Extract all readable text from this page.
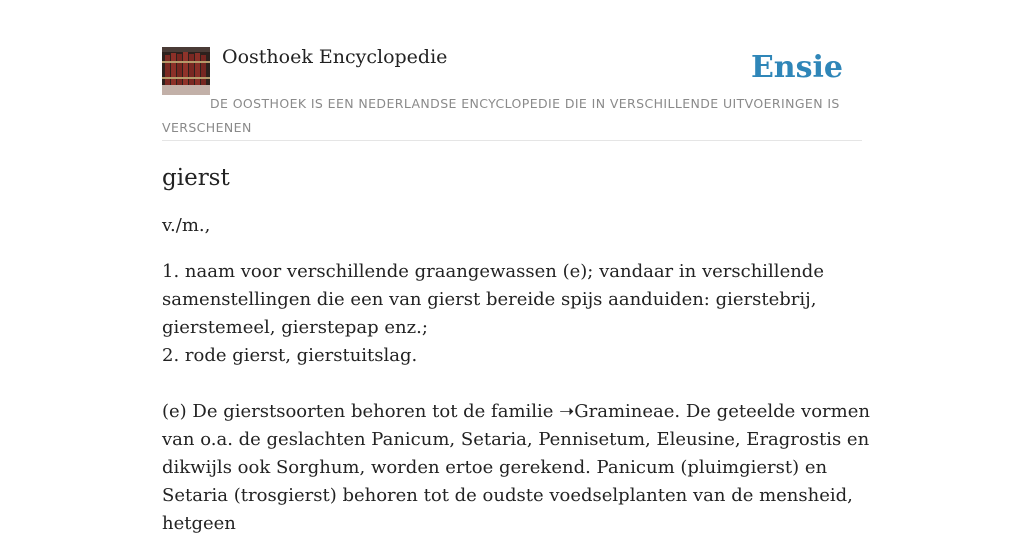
Oosthoek Encyclopedie	Ensie
DE OOSTHOEK IS EEN NEDERLANDSE ENCYCLOPEDIE DIE IN VERSCHILLENDE UITVOERINGEN IS VERSCHENEN
gierst

v./m.,

1. naam voor verschillende graangewassen (e); vandaar in verschillende samenstellingen die een van gierst bereide spijs aanduiden: gierstebrij, gierstemeel, gierstepap enz.;
2. rode gierst, gierstuitslag.
(e) De gierstsoorten behoren tot de familie ➝Gramineae. De geteelde vormen van o.a. de geslachten Panicum, Setaria, Pennisetum, Eleusine, Eragrostis en dikwijls ook Sorghum, worden ertoe gerekend. Panicum (pluimgierst) en Setaria (trosgierst) behoren tot de oudste voedselplanten van de mensheid, hetgeen
